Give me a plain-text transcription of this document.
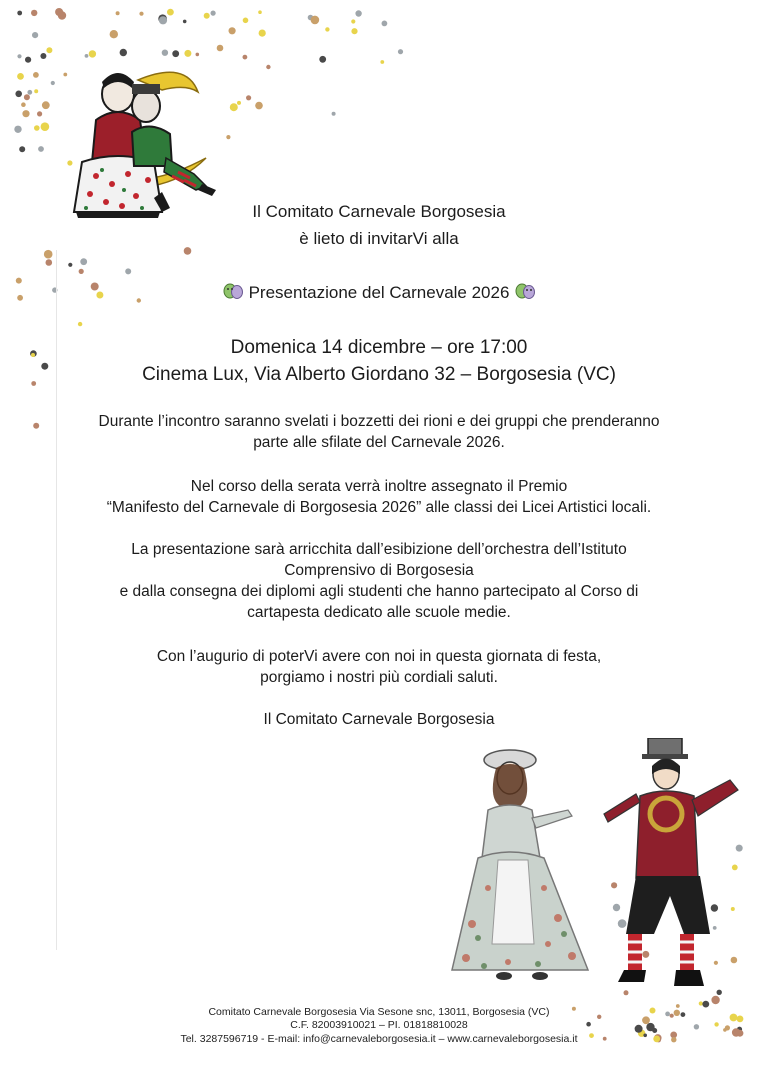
Il Comitato Carnevale Borgosesia
è lieto di invitarVi alla
Presentazione del Carnevale 2026
Domenica 14 dicembre – ore 17:00
Cinema Lux, Via Alberto Giordano 32 – Borgosesia (VC)
Durante l’incontro saranno svelati i bozzetti dei rioni e dei gruppi che prenderanno
parte alle sfilate del Carnevale 2026.
Nel corso della serata verrà inoltre assegnato il Premio
“Manifesto del Carnevale di Borgosesia 2026” alle classi dei Licei Artistici locali.
La presentazione sarà arricchita dall’esibizione dell’orchestra dell’Istituto
Comprensivo di Borgosesia
e dalla consegna dei diplomi agli studenti che hanno partecipato al Corso di
cartapesta dedicato alle scuole medie.
Con l’augurio di poterVi avere con noi in questa giornata di festa,
porgiamo i nostri più cordiali saluti.
Il Comitato Carnevale Borgosesia
Comitato Carnevale Borgosesia Via Sesone snc, 13011, Borgosesia (VC)
C.F. 82003910021 – PI. 01818810028
Tel. 3287596719 - E-mail: info@carnevaleborgosesia.it – www.carnevaleborgosesia.it
